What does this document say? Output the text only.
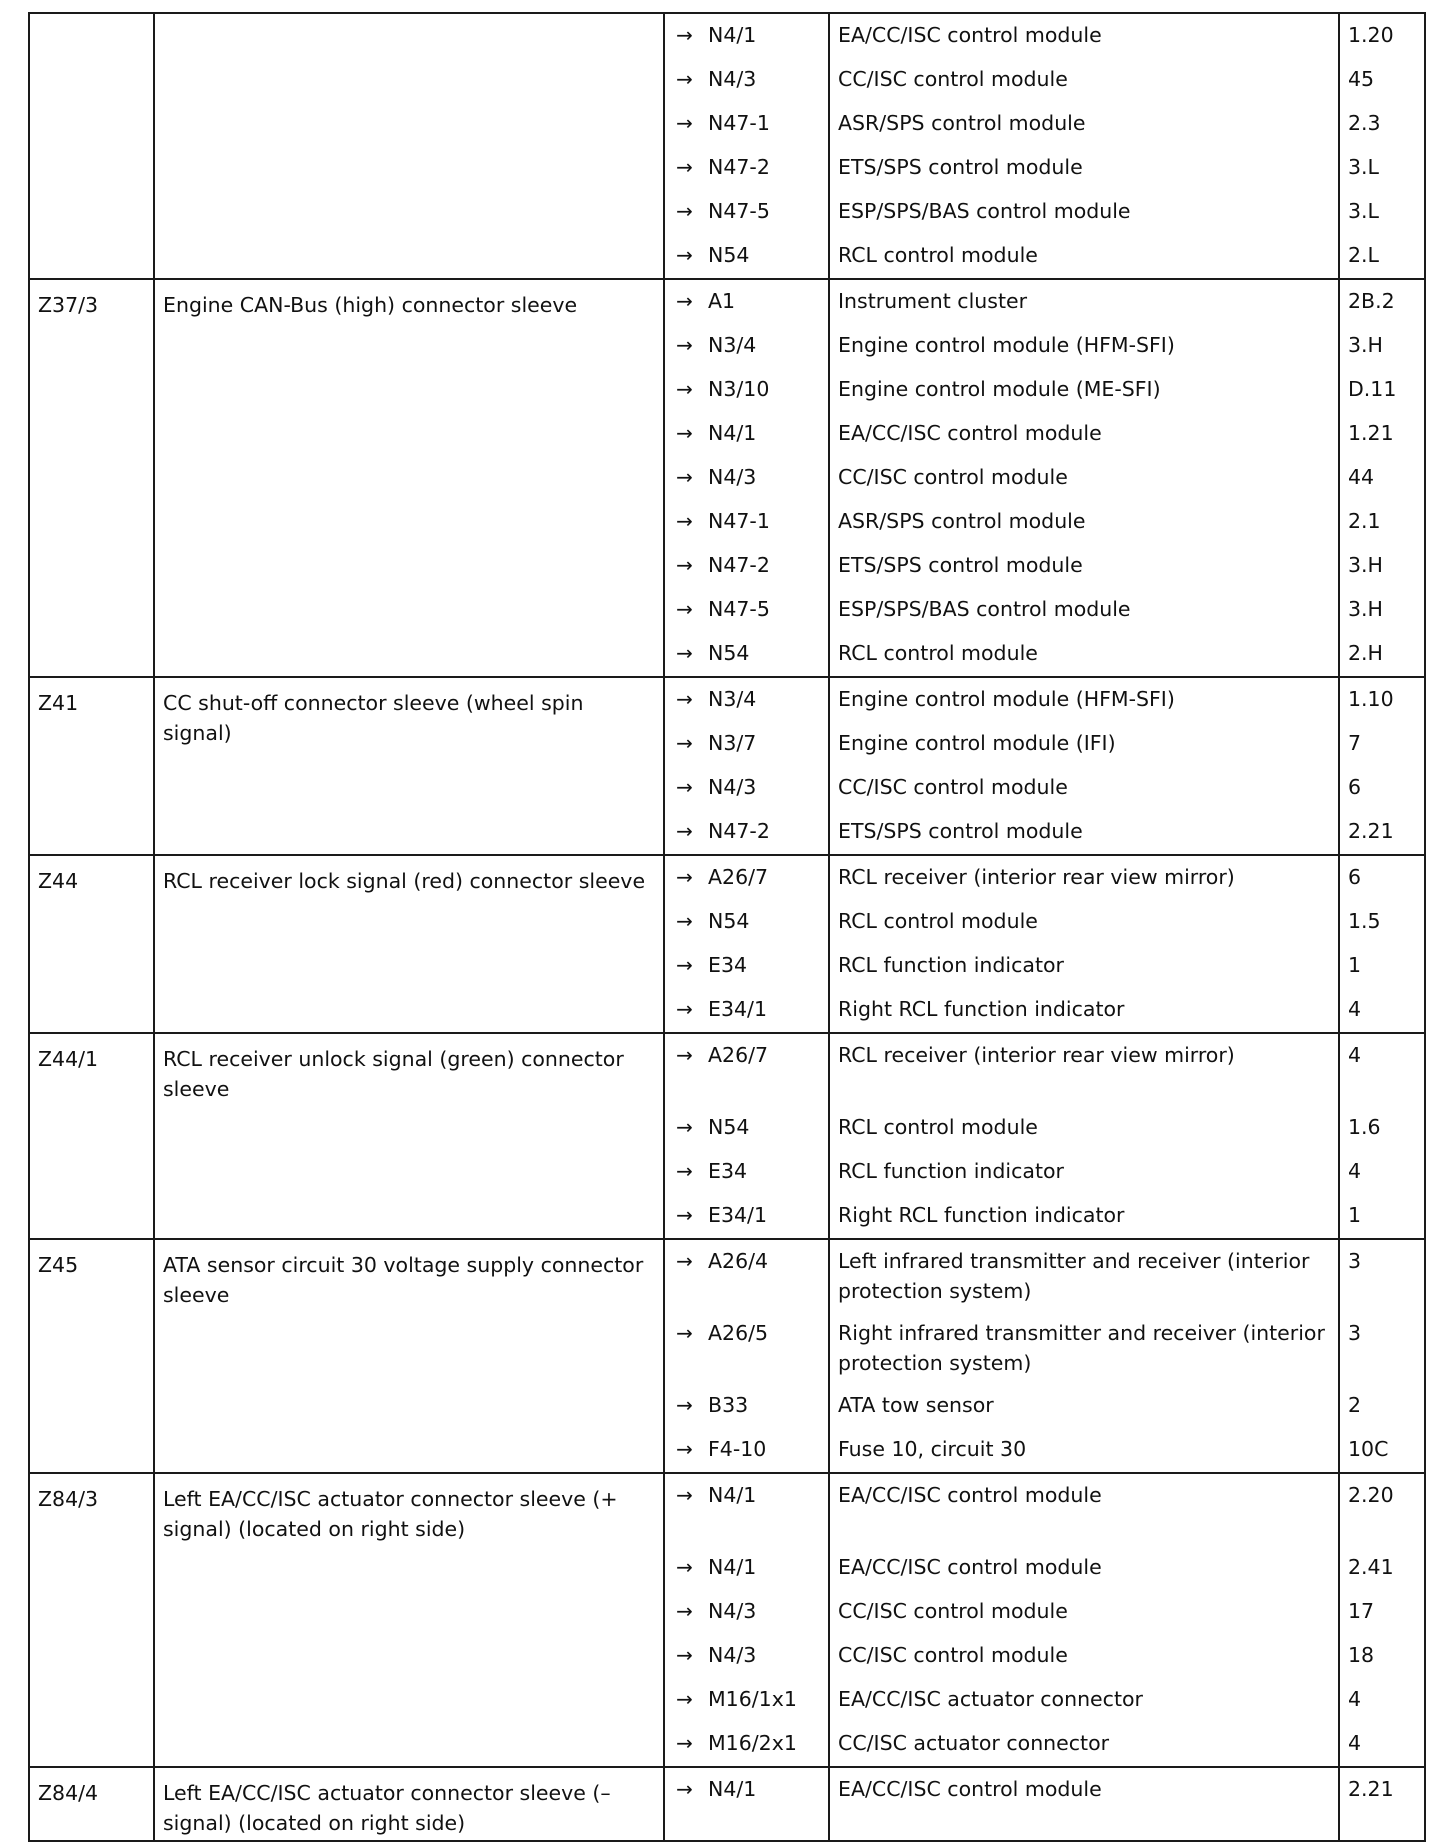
		→	N4/1	EA/CC/ISC control module	1.20
		→	N4/3	CC/ISC control module	45
		→	N47-1	ASR/SPS control module	2.3
		→	N47-2	ETS/SPS control module	3.L
		→	N47-5	ESP/SPS/BAS control module	3.L
		→	N54	RCL control module	2.L
Z37/3	Engine CAN-Bus (high) connector sleeve	→	A1	Instrument cluster	2B.2
		→	N3/4	Engine control module (HFM-SFI)	3.H
		→	N3/10	Engine control module (ME-SFI)	D.11
		→	N4/1	EA/CC/ISC control module	1.21
		→	N4/3	CC/ISC control module	44
		→	N47-1	ASR/SPS control module	2.1
		→	N47-2	ETS/SPS control module	3.H
		→	N47-5	ESP/SPS/BAS control module	3.H
		→	N54	RCL control module	2.H
Z41	CC shut-off connector sleeve (wheel spin signal)	→	N3/4	Engine control module (HFM-SFI)	1.10
		→	N3/7	Engine control module (IFI)	7
		→	N4/3	CC/ISC control module	6
		→	N47-2	ETS/SPS control module	2.21
Z44	RCL receiver lock signal (red) connector sleeve	→	A26/7	RCL receiver (interior rear view mirror)	6
		→	N54	RCL control module	1.5
		→	E34	RCL function indicator	1
		→	E34/1	Right RCL function indicator	4
Z44/1	RCL receiver unlock signal (green) connector sleeve	→	A26/7	RCL receiver (interior rear view mirror)	4
		→	N54	RCL control module	1.6
		→	E34	RCL function indicator	4
		→	E34/1	Right RCL function indicator	1
Z45	ATA sensor circuit 30 voltage supply connector sleeve	→	A26/4	Left infrared transmitter and receiver (interior protection system)	3
		→	A26/5	Right infrared transmitter and receiver (interior protection system)	3
		→	B33	ATA tow sensor	2
		→	F4-10	Fuse 10, circuit 30	10C
Z84/3	Left EA/CC/ISC actuator connector sleeve (+ signal) (located on right side)	→	N4/1	EA/CC/ISC control module	2.20
		→	N4/1	EA/CC/ISC control module	2.41
		→	N4/3	CC/ISC control module	17
		→	N4/3	CC/ISC control module	18
		→	M16/1x1	EA/CC/ISC actuator connector	4
		→	M16/2x1	CC/ISC actuator connector	4
Z84/4	Left EA/CC/ISC actuator connector sleeve (– signal) (located on right side)	→	N4/1	EA/CC/ISC control module	2.21
